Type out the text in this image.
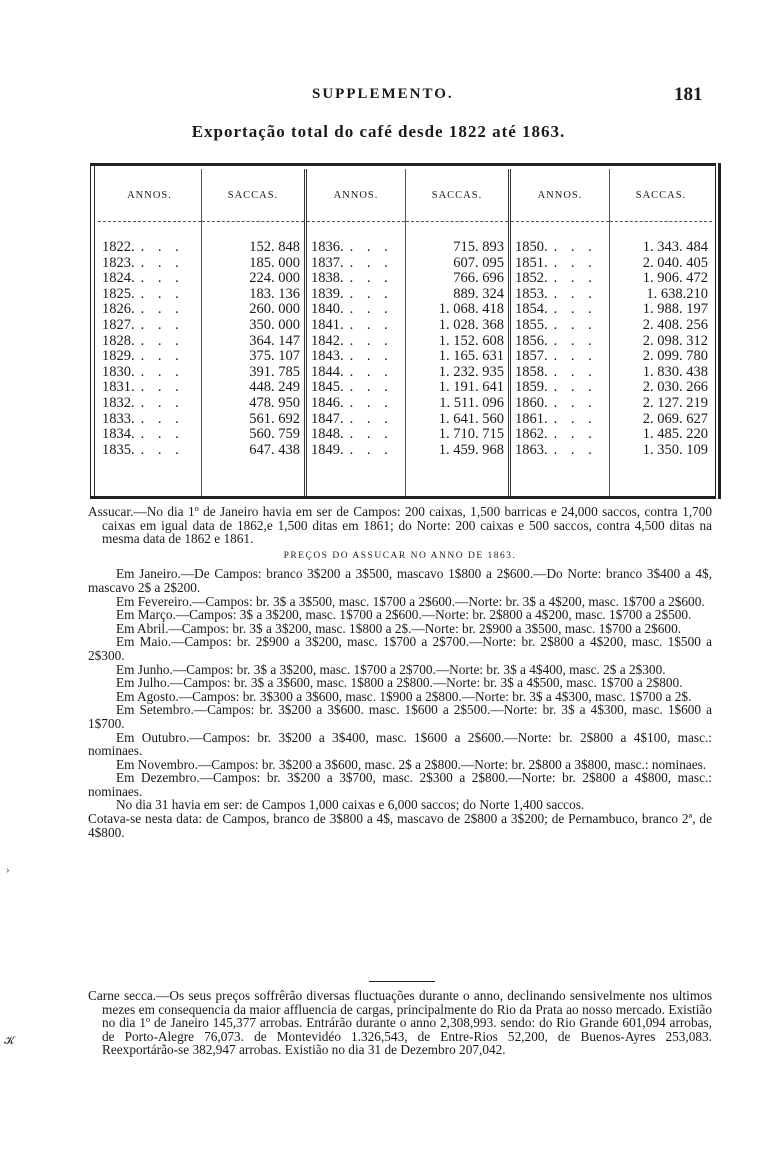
SUPPLEMENTO.	181
Exportação total do café desde 1822 até 1863.
ANNOS.
1822. . . .
1823. . . .
1824. . . .
1825. . . .
1826. . . .
1827. . . .
1828. . . .
1829. . . .
1830. . . .
1831. . . .
1832. . . .
1833. . . .
1834. . . .
1835. . . .
SACCAS.
152. 848
185. 000
224. 000
183. 136
260. 000
350. 000
364. 147
375. 107
391. 785
448. 249
478. 950
561. 692
560. 759
647. 438
ANNOS.
1836. . . .
1837. . . .
1838. . . .
1839. . . .
1840. . . .
1841. . . .
1842. . . .
1843. . . .
1844. . . .
1845. . . .
1846. . . .
1847. . . .
1848. . . .
1849. . . .
SACCAS.
715. 893
607. 095
766. 696
889. 324
1. 068. 418
1. 028. 368
1. 152. 608
1. 165. 631
1. 232. 935
1. 191. 641
1. 511. 096
1. 641. 560
1. 710. 715
1. 459. 968
ANNOS.
1850. . . .
1851. . . .
1852. . . .
1853. . . .
1854. . . .
1855. . . .
1856. . . .
1857. . . .
1858. . . .
1859. . . .
1860. . . .
1861. . . .
1862. . . .
1863. . . .
SACCAS.
1. 343. 484
2. 040. 405
1. 906. 472
1. 638.210
1. 988. 197
2. 408. 256
2. 098. 312
2. 099. 780
1. 830. 438
2. 030. 266
2. 127. 219
2. 069. 627
1. 485. 220
1. 350. 109

Assucar.—No dia 1º de Janeiro havia em ser de Campos: 200 caixas, 1,500 barricas e 24,000 saccos, contra 1,700 caixas em igual data de 1862,e 1,500 ditas em 1861; do Norte: 200 caixas e 500 saccos, contra 4,500 ditas na mesma data de 1862 e 1861.

PREÇOS DO ASSUCAR NO ANNO DE 1863.

Em Janeiro.—De Campos: branco 3$200 a 3$500, mascavo 1$800 a 2$600.—Do Norte: branco 3$400 a 4$, mascavo 2$ a 2$200.

Em Fevereiro.—Campos: br. 3$ a 3$500, masc. 1$700 a 2$600.—Norte: br. 3$ a 4$200, masc. 1$700 a 2$600.

Em Março.—Campos: 3$ a 3$200, masc. 1$700 a 2$600.—Norte: br. 2$800 a 4$200, masc. 1$700 a 2$500.

Em Abril.—Campos: br. 3$ a 3$200, masc. 1$800 a 2$.—Norte: br. 2$900 a 3$500, masc. 1$700 a 2$600.

Em Maio.—Campos: br. 2$900 a 3$200, masc. 1$700 a 2$700.—Norte: br. 2$800 a 4$200, masc. 1$500 a 2$300.

Em Junho.—Campos: br. 3$ a 3$200, masc. 1$700 a 2$700.—Norte: br. 3$ a 4$400, masc. 2$ a 2$300.

Em Julho.—Campos: br. 3$ a 3$600, masc. 1$800 a 2$800.—Norte: br. 3$ a 4$500, masc. 1$700 a 2$800.

Em Agosto.—Campos: br. 3$300 a 3$600, masc. 1$900 a 2$800.—Norte: br. 3$ a 4$300, masc. 1$700 a 2$.

Em Setembro.—Campos: br. 3$200 a 3$600. masc. 1$600 a 2$500.—Norte: br. 3$ a 4$300, masc. 1$600 a 1$700.

Em Outubro.—Campos: br. 3$200 a 3$400, masc. 1$600 a 2$600.—Norte: br. 2$800 a 4$100, masc.: nominaes.

Em Novembro.—Campos: br. 3$200 a 3$600, masc. 2$ a 2$800.—Norte: br. 2$800 a 3$800, masc.: nominaes.

Em Dezembro.—Campos: br. 3$200 a 3$700, masc. 2$300 a 2$800.—Norte: br. 2$800 a 4$800, masc.: nominaes.

No dia 31 havia em ser: de Campos 1,000 caixas e 6,000 saccos; do Norte 1,400 saccos.

Cotava-se nesta data: de Campos, branco de 3$800 a 4$, mascavo de 2$800 a 3$200; de Pernambuco, branco 2ª, de 4$800.

Carne secca.—Os seus preços soffrêrão diversas fluctuações durante o anno, declinando sensivelmente nos ultimos mezes em consequencia da maior affluencia de cargas, principalmente do Rio da Prata ao nosso mercado. Existião no dia 1º de Janeiro 145,377 arrobas. Entrárão durante o anno 2,308,993. sendo: do Rio Grande 601,094 arrobas, de Porto-Alegre 76,073. de Montevidéo 1.326,543, de Entre-Rios 52,200, de Buenos-Ayres 253,083. Reexportárão-se 382,947 arrobas. Existião no dia 31 de Dezembro 207,042.

›
𝓚
